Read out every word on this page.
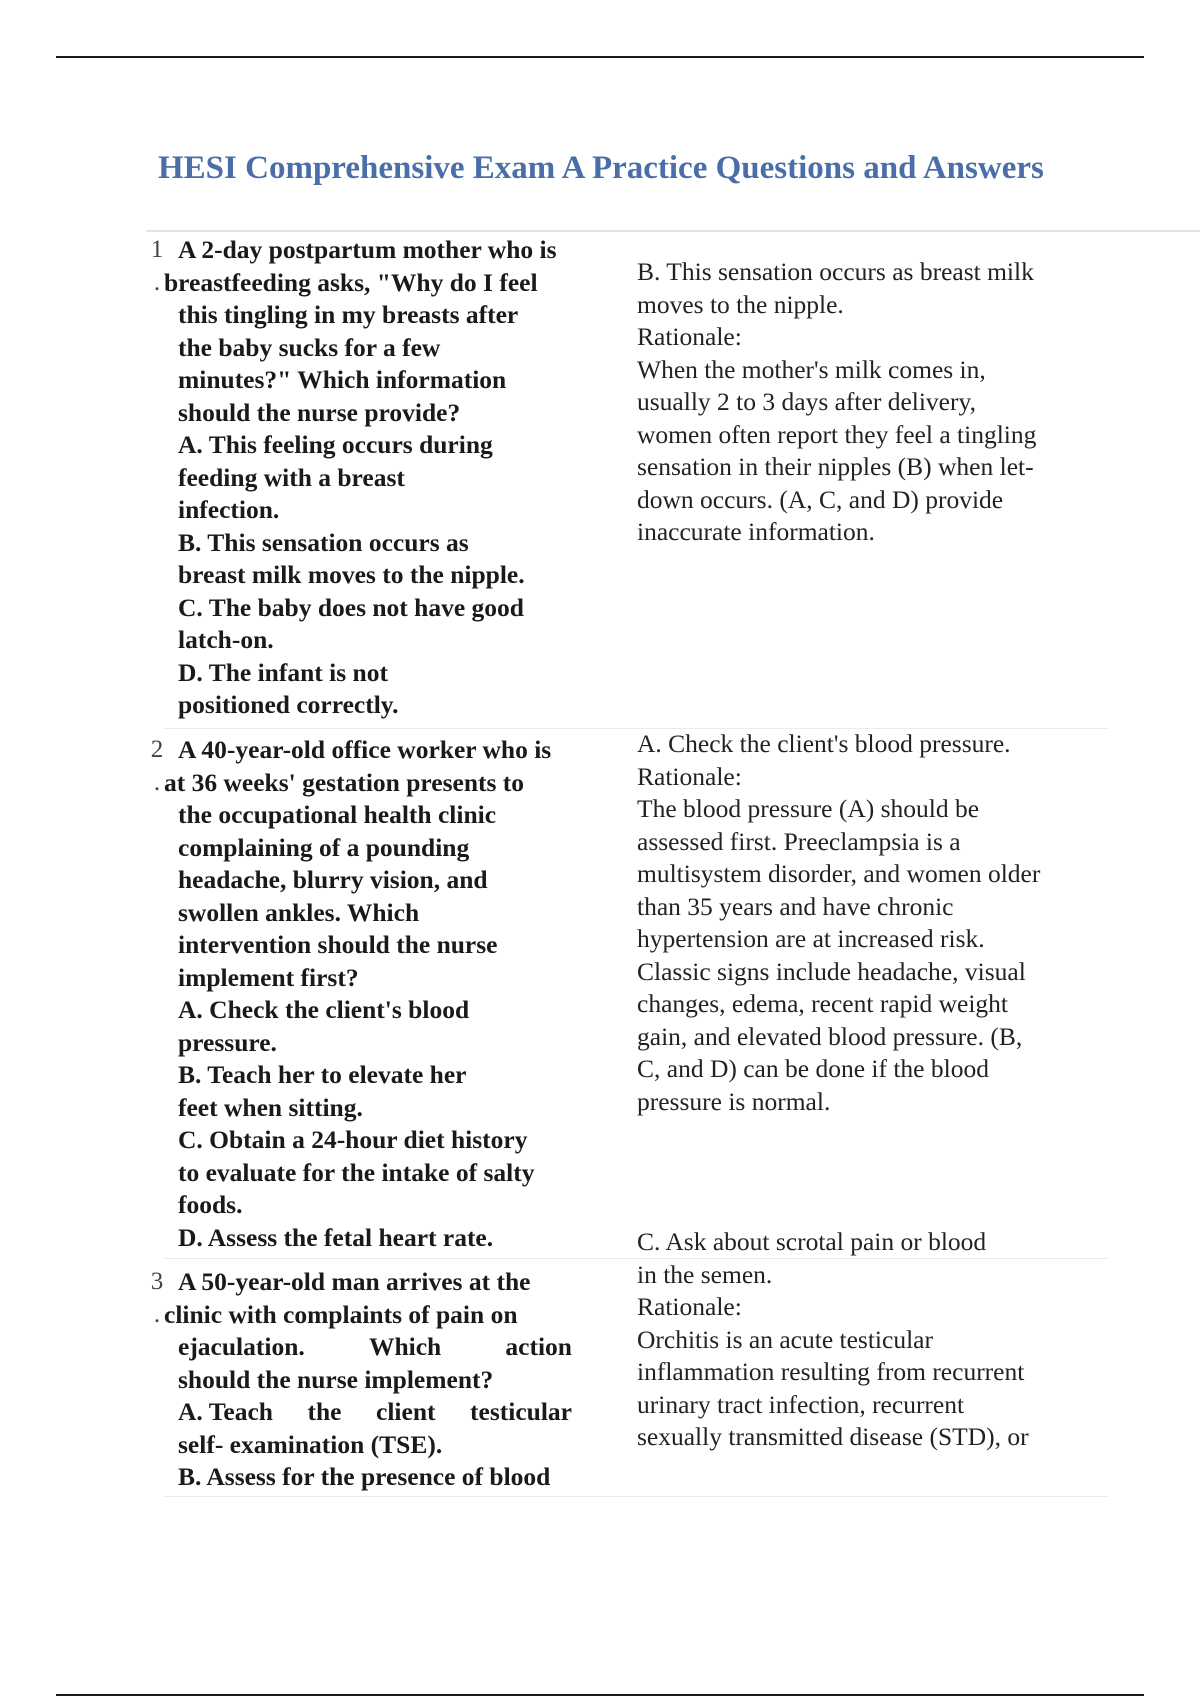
HESI Comprehensive Exam A Practice Questions and Answers
1
.
A 2-day postpartum mother who is
breastfeeding asks, "Why do I feel
this tingling in my breasts after
the baby sucks for a few
minutes?" Which information
should the nurse provide?
A. This feeling occurs during
feeding with a breast
infection.
B. This sensation occurs as
breast milk moves to the nipple.
C. The baby does not have good
latch-on.
D. The infant is not
positioned correctly.
B. This sensation occurs as breast milk
moves to the nipple.
Rationale:
When the mother's milk comes in,
usually 2 to 3 days after delivery,
women often report they feel a tingling
sensation in their nipples (B) when let-
down occurs. (A, C, and D) provide
inaccurate information.
2
.
A 40-year-old office worker who is
at 36 weeks' gestation presents to
the occupational health clinic
complaining of a pounding
headache, blurry vision, and
swollen ankles. Which
intervention should the nurse
implement first?
A. Check the client's blood
pressure.
B. Teach her to elevate her
feet when sitting.
C. Obtain a 24-hour diet history
to evaluate for the intake of salty
foods.
D. Assess the fetal heart rate.
A. Check the client's blood pressure.
Rationale:
The blood pressure (A) should be
assessed first. Preeclampsia is a
multisystem disorder, and women older
than 35 years and have chronic
hypertension are at increased risk.
Classic signs include headache, visual
changes, edema, recent rapid weight
gain, and elevated blood pressure. (B,
C, and D) can be done if the blood
pressure is normal.
C. Ask about scrotal pain or blood
in the semen.
Rationale:
Orchitis is an acute testicular
inflammation resulting from recurrent
urinary tract infection, recurrent
sexually transmitted disease (STD), or
3
.
A 50-year-old man arrives at the
clinic with complaints of pain on
ejaculation.	Which	action
should the nurse implement?
A. Teach the client testicular
self- examination (TSE).
B. Assess for the presence of blood
